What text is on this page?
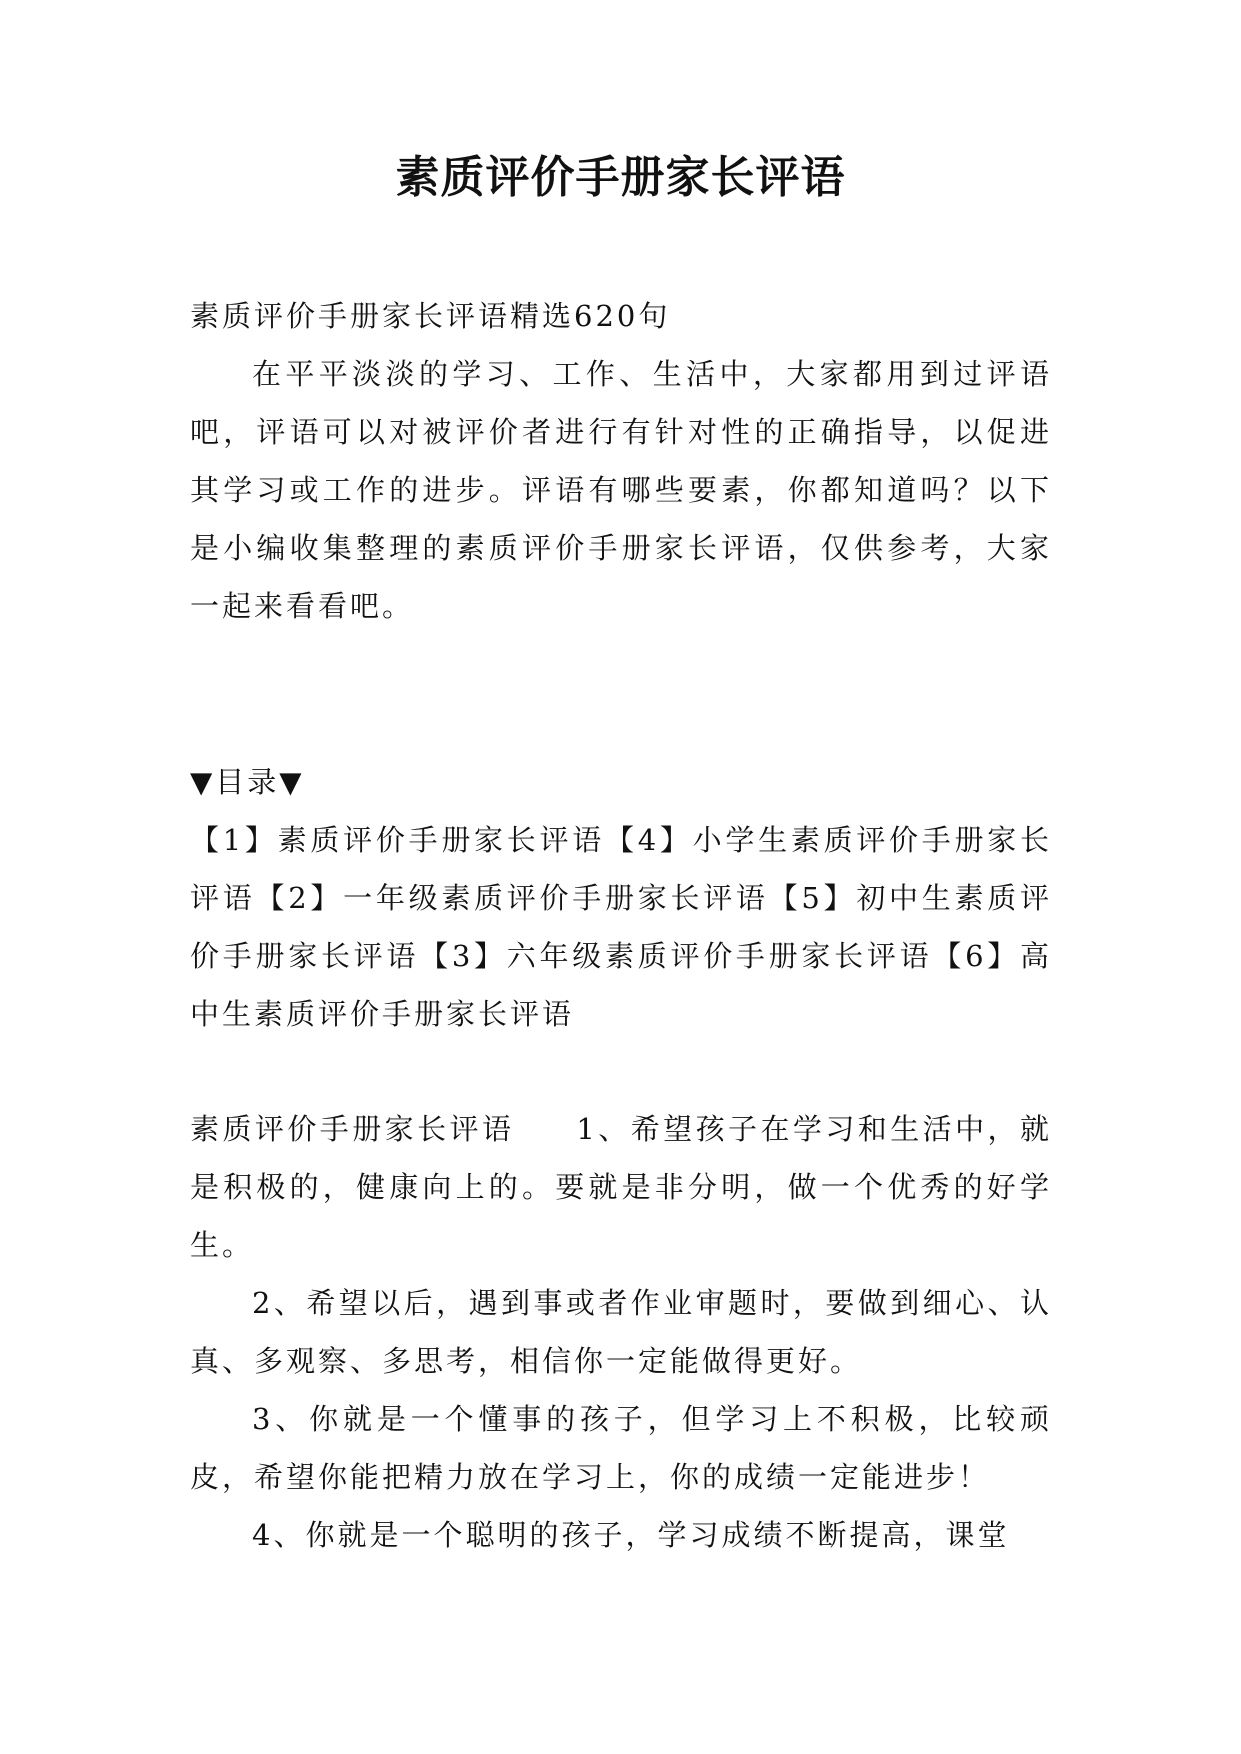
素质评价手册家长评语

素质评价手册家长评语精选620句

在平平淡淡的学习、工作、生活中，大家都用到过评语吧，评语可以对被评价者进行有针对性的正确指导，以促进其学习或工作的进步。评语有哪些要素，你都知道吗？以下是小编收集整理的素质评价手册家长评语，仅供参考，大家一起来看看吧。

▼目录▼

【1】素质评价手册家长评语【4】小学生素质评价手册家长评语【2】一年级素质评价手册家长评语【5】初中生素质评价手册家长评语【3】六年级素质评价手册家长评语【6】高中生素质评价手册家长评语

素质评价手册家长评语 1、希望孩子在学习和生活中，就是积极的，健康向上的。要就是非分明，做一个优秀的好学生。

2、希望以后，遇到事或者作业审题时，要做到细心、认真、多观察、多思考，相信你一定能做得更好。

3、你就是一个懂事的孩子，但学习上不积极，比较顽皮，希望你能把精力放在学习上，你的成绩一定能进步！

4、你就是一个聪明的孩子，学习成绩不断提高，课堂
